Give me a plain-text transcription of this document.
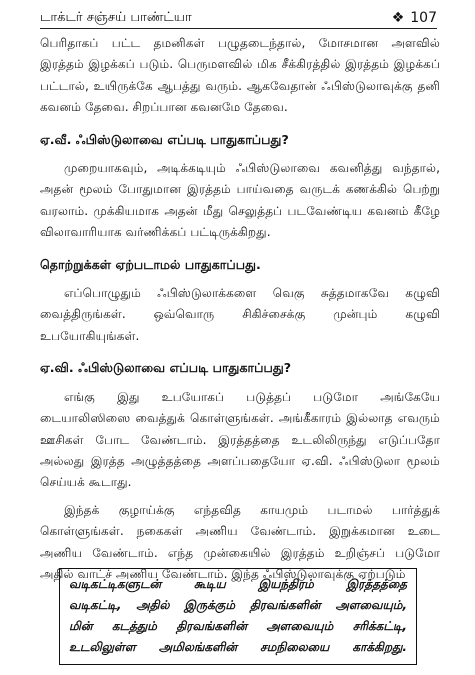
டாக்டர் சஞ்சய் பாண்ட்யா	❖ 107

பெரிதாகப் பட்ட தமனிகள் பழுதடைந்தால், மோசமான அளவில் இரத்தம் இழக்கப் படும். பெருமளவில் மிக சீக்கிரத்தில் இரத்தம் இழக்கப் பட்டால், உயிருக்கே ஆபத்து வரும். ஆகவேதான் ஃபிஸ்டுலாவுக்கு தனி கவனம் தேவை. சிறப்பான கவனமே தேவை.

ஏ.வீ. ஃபிஸ்டுலாவை எப்படி பாதுகாப்பது?

முறையாகவும், அடிக்கடியும் ஃபிஸ்டுலாவை கவனித்து வந்தால், அதன் மூலம் போதுமான இரத்தம் பாய்வதை வருடக் கணக்கில் பெற்று வரலாம். முக்கியமாக அதன் மீது செலுத்தப் படவேண்டிய கவனம் கீழே விலாவாரியாக வர்ணிக்கப் பட்டிருக்கிறது.

தொற்றுக்கள் ஏற்படாமல் பாதுகாப்பது.

எப்பொழுதும் ஃபிஸ்டுலாக்களை வெகு சுத்தமாகவே கழுவி வைத்திருங்கள். ஒவ்வொரு சிகிச்சைக்கு முன்பும் கழுவி உபயோகியுங்கள்.

ஏ.வி. ஃபிஸ்டுலாவை எப்படி பாதுகாப்பது?

எங்கு இது உபயோகப் படுத்தப் படுமோ அங்கேயே டையாலிஸிஸை வைத்துக் கொள்ளுங்கள். அங்கீகாரம் இல்லாத எவரும் ஊசிகள் போட வேண்டாம். இரத்தத்தை உடலிலிருந்து எடுப்பதோ அல்லது இரத்த அழுத்தத்தை அளப்பதையோ ஏ.வி. ஃபிஸ்டுலா மூலம் செய்யக் கூடாது.

இந்தக் குழாய்க்கு எந்தவித காயமும் படாமல் பார்த்துக் கொள்ளுங்கள். நகைகள் அணிய வேண்டாம். இறுக்கமான உடை அணிய வேண்டாம். எந்த முன்கையில் இரத்தம் உறிஞ்சப் படுமோ அதில் வாட்ச் அணிய வேண்டாம். இந்த ஃபிஸ்டுலாவுக்கு ஏற்படும்

வடிகட்டிகளுடன் கூடிய இயந்திரம் இரத்தத்தை
வடிகட்டி, அதில் இருக்கும் திரவங்களின் அளவையும்,
மின் கடத்தும் திரவங்களின் அளவையும் சரிக்கட்டி,
உடலிலுள்ள அமிலங்களின் சமநிலையை காக்கிறது.
